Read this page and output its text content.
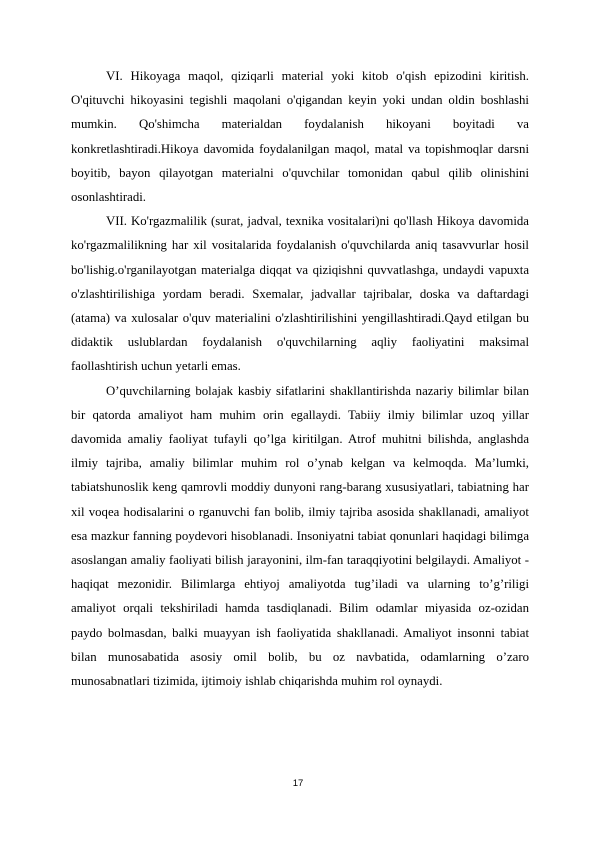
VI. Hikoyaga maqol, qiziqarli material yoki kitob o'qish epizodini kiritish. O'qituvchi hikoyasini tegishli maqolani o'qigandan keyin yoki undan oldin boshlashi mumkin. Qo'shimcha materialdan foydalanish hikoyani boyitadi va konkretlashtiradi.Hikoya davomida foydalanilgan maqol, matal va topishmoqlar darsni boyitib, bayon qilayotgan materialni o'quvchilar tomonidan qabul qilib olinishini osonlashtiradi.

VII. Ko'rgazmalilik (surat, jadval, texnika vositalari)ni qo'llash Hikoya davomida ko'rgazmalilikning har xil vositalarida foydalanish o'quvchilarda aniq tasavvurlar hosil bo'lishig.o'rganilayotgan materialga diqqat va qiziqishni quvvatlashga, undaydi vapuxta o'zlashtirilishiga yordam beradi. Sxemalar, jadvallar tajribalar, doska va daftardagi (atama) va xulosalar o'quv materialini o'zlashtirilishini yengillashtiradi.Qayd etilgan bu didaktik uslublardan foydalanish o'quvchilarning aqliy faoliyatini maksimal faollashtirish uchun yetarli emas.

O’quvchilarning bolajak kasbiy sifatlarini shakllantirishda nazariy bilimlar bilan bir qatorda amaliyot ham muhim orin egallaydi. Tabiiy ilmiy bilimlar uzoq yillar davomida amaliy faoliyat tufayli qo’lga kiritilgan. Atrof muhitni bilishda, anglashda ilmiy tajriba, amaliy bilimlar muhim rol o’ynab kelgan va kelmoqda. Ma’lumki, tabiatshunoslik keng qamrovli moddiy dunyoni rang-barang xususiyatlari, tabiatning har xil voqea hodisalarini o rganuvchi fan bolib, ilmiy tajriba asosida shakllanadi, amaliyot esa mazkur fanning poydevori hisoblanadi. Insoniyatni tabiat qonunlari haqidagi bilimga asoslangan amaliy faoliyati bilish jarayonini, ilm-fan taraqqiyotini belgilaydi. Amaliyot - haqiqat mezonidir. Bilimlarga ehtiyoj amaliyotda tug’iladi va ularning to’g’riligi amaliyot orqali tekshiriladi hamda tasdiqlanadi. Bilim odamlar miyasida oz-ozidan paydo bolmasdan, balki muayyan ish faoliyatida shakllanadi. Amaliyot insonni tabiat bilan munosabatida asosiy omil bolib, bu oz navbatida, odamlarning o’zaro munosabnatlari tizimida, ijtimoiy ishlab chiqarishda muhim rol oynaydi.

17
